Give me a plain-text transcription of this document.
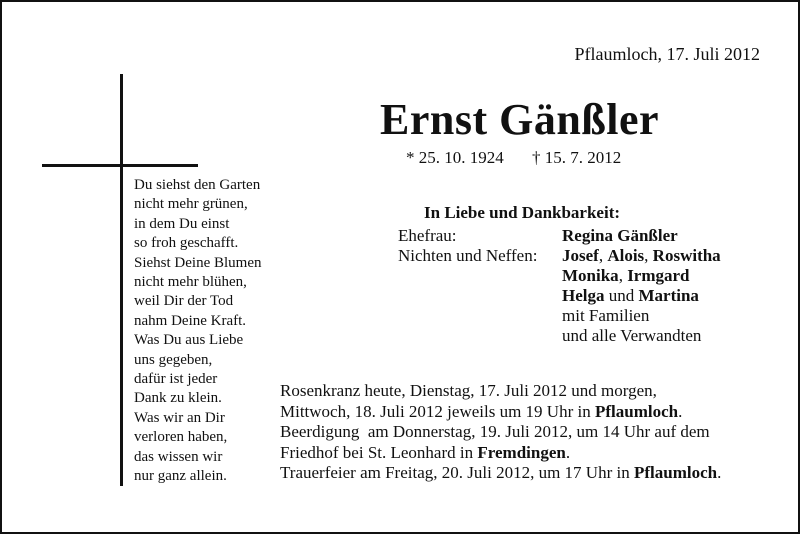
Pflaumloch, 17. Juli 2012
Ernst Gänßler
* 25. 10. 1924 † 15. 7. 2012
Du siehst den Garten
nicht mehr grünen,
in dem Du einst
so froh geschafft.
Siehst Deine Blumen
nicht mehr blühen,
weil Dir der Tod
nahm Deine Kraft.
Was Du aus Liebe
uns gegeben,
dafür ist jeder
Dank zu klein.
Was wir an Dir
verloren haben,
das wissen wir
nur ganz allein.
In Liebe und Dankbarkeit:
Ehefrau:	Regina Gänßler
Nichten und Neffen:	Josef, Alois, Roswitha
Monika, Irmgard
Helga und Martina
mit Familien
und alle Verwandten
Rosenkranz heute, Dienstag, 17. Juli 2012 und morgen,
Mittwoch, 18. Juli 2012 jeweils um 19 Uhr in Pflaumloch.
Beerdigung  am Donnerstag, 19. Juli 2012, um 14 Uhr auf dem
Friedhof bei St. Leonhard in Fremdingen.
Trauerfeier am Freitag, 20. Juli 2012, um 17 Uhr in Pflaumloch.
